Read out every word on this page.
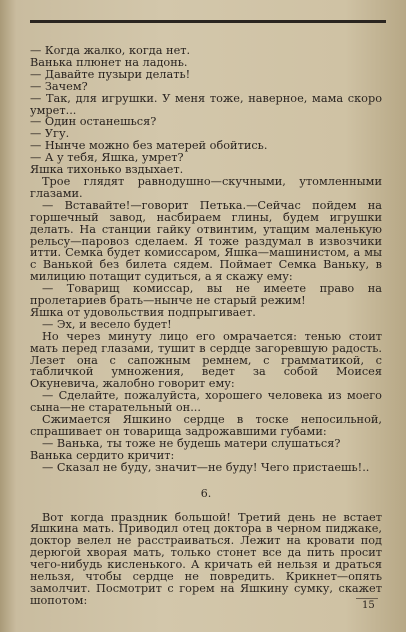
— Когда жалко, когда нет.

Ванька плюнет на ладонь.

— Давайте пузыри делать!

— Зачем?

— Так, для игрушки. У меня тоже, наверное, мама скоро умрет...

— Один останешься?

— Угу.

— Нынче можно без матерей обойтись.

— А у тебя, Яшка, умрет?

Яшка тихонько вздыхает.

Трое глядят равнодушно—скучными, утомленными глазами.

— Вставайте!—говорит Петька.—Сейчас пойдем на горшечный завод, насбираем глины, будем игрушки делать. На станции гайку отвинтим, утащим маленькую рельсу—паровоз сделаем. Я тоже раздумал в извозчики итти. Семка будет комиссаром, Яшка—машинистом, а мы с Ванькой без билета сядем. Поймает Семка Ваньку, в милицию потащит судиться, а я скажу ему:

— Товарищ комиссар, вы не имеете право на пролетариев брать—нынче не старый режим!

Яшка от удовольствия подпрыгивает.

— Эх, и весело будет!

Но через минуту лицо его омрачается: тенью стоит мать перед глазами, тушит в сердце загоревшую радость. Лезет она с сапожным ремнем, с грамматикой, с табличкой умножения, ведет за собой Моисея Окуневича, жалобно говорит ему:

— Сделайте, пожалуйста, хорошего человека из моего сына—не старательный он...

Сжимается Яшкино сердце в тоске непосильной, спрашивает он товарища задрожавшими губами:

— Ванька, ты тоже не будешь матери слушаться?

Ванька сердито кричит:

— Сказал не буду, значит—не буду! Чего пристаешь!..

6.

Вот когда праздник большой! Третий день не встает Яшкина мать. Приводил отец доктора в черном пиджаке, доктор велел не расстраиваться. Лежит на кровати под дерюгой хворая мать, только стонет все да пить просит чего-нибудь кисленького. А кричать ей нельзя и драться нельзя, чтобы сердце не повредить. Крикнет—опять замолчит. Посмотрит с горем на Яшкину сумку, скажет шопотом:	15
